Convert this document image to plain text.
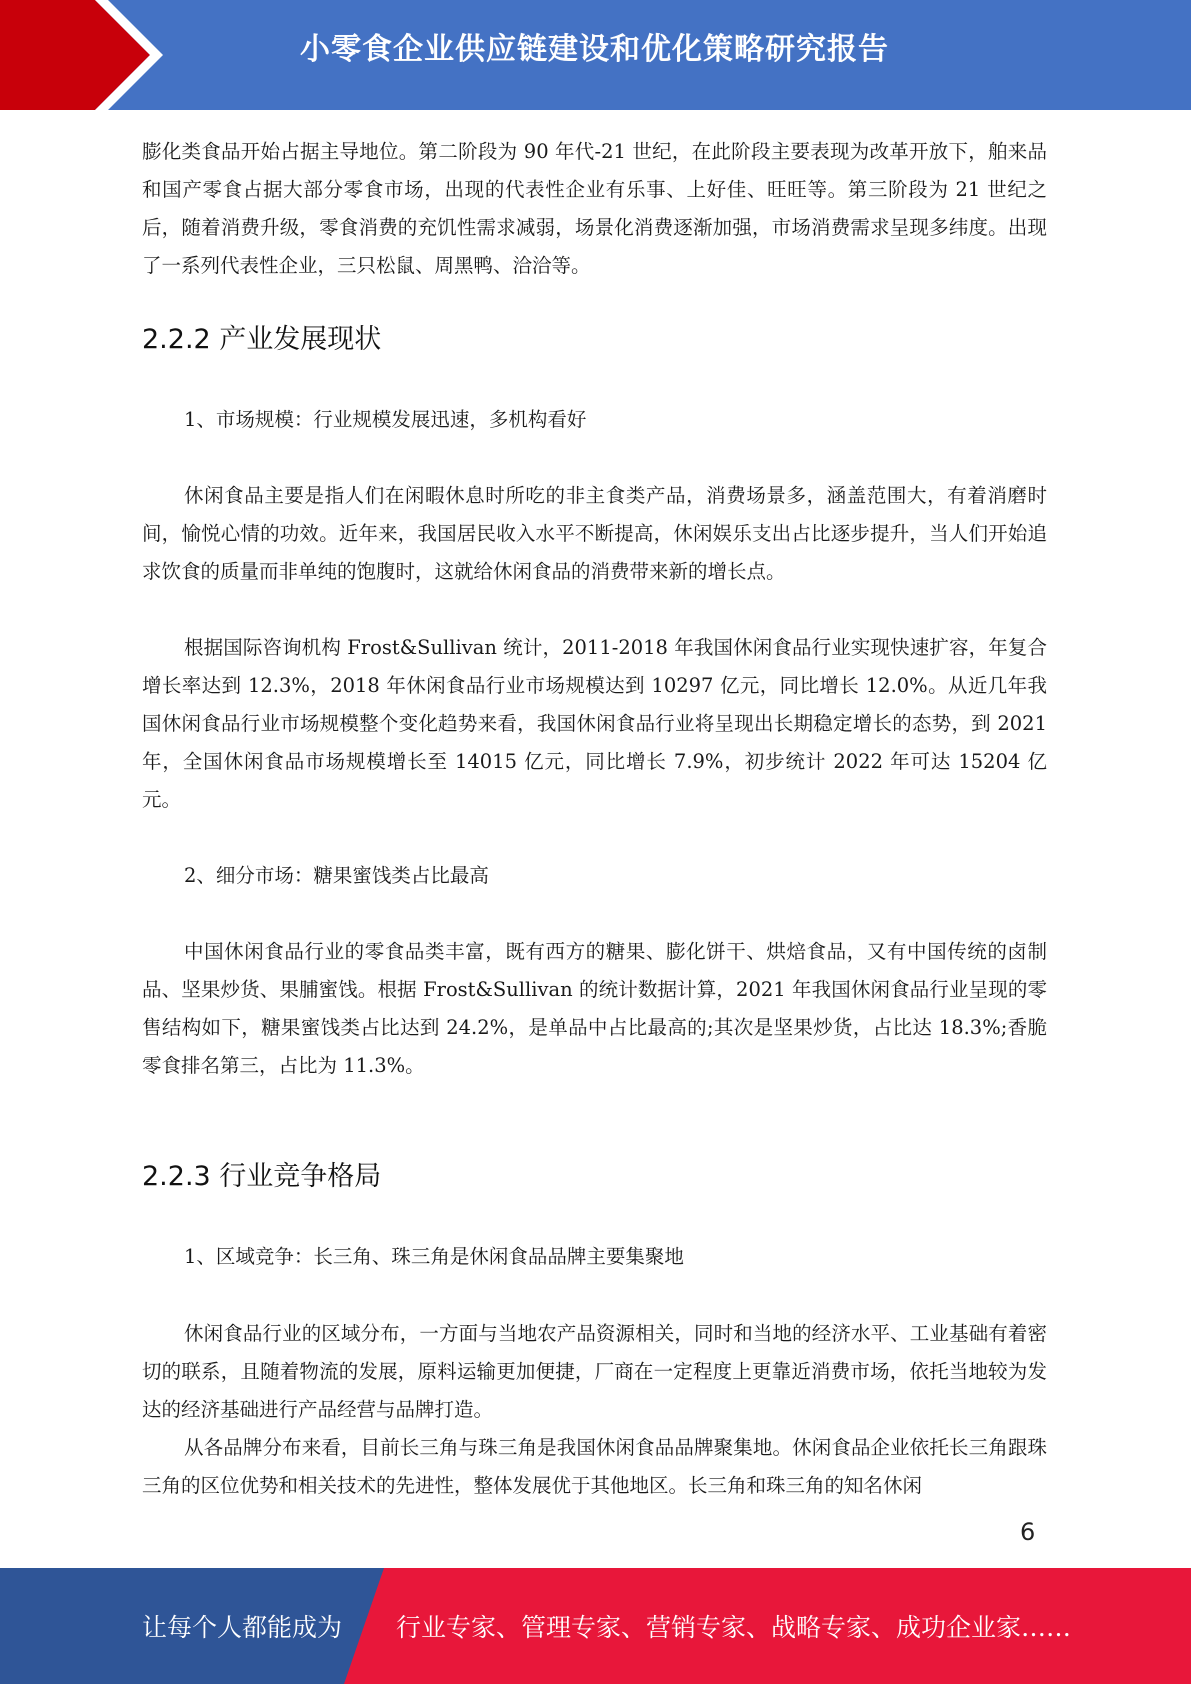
小零食企业供应链建设和优化策略研究报告

膨化类食品开始占据主导地位。第二阶段为 90 年代-21 世纪，在此阶段主要表现为改革开放下，舶来品和国产零食占据大部分零食市场，出现的代表性企业有乐事、上好佳、旺旺等。第三阶段为 21 世纪之后，随着消费升级，零食消费的充饥性需求减弱，场景化消费逐渐加强，市场消费需求呈现多纬度。出现了一系列代表性企业，三只松鼠、周黑鸭、洽洽等。

2.2.2 产业发展现状

1、市场规模：行业规模发展迅速，多机构看好

休闲食品主要是指人们在闲暇休息时所吃的非主食类产品，消费场景多，涵盖范围大，有着消磨时间，愉悦心情的功效。近年来，我国居民收入水平不断提高，休闲娱乐支出占比逐步提升，当人们开始追求饮食的质量而非单纯的饱腹时，这就给休闲食品的消费带来新的增长点。

根据国际咨询机构 Frost&Sullivan 统计，2011-2018 年我国休闲食品行业实现快速扩容，年复合增长率达到 12.3%，2018 年休闲食品行业市场规模达到 10297 亿元，同比增长 12.0%。从近几年我国休闲食品行业市场规模整个变化趋势来看，我国休闲食品行业将呈现出长期稳定增长的态势，到 2021 年，全国休闲食品市场规模增长至 14015 亿元，同比增长 7.9%，初步统计 2022 年可达 15204 亿元。

2、细分市场：糖果蜜饯类占比最高

中国休闲食品行业的零食品类丰富，既有西方的糖果、膨化饼干、烘焙食品，又有中国传统的卤制品、坚果炒货、果脯蜜饯。根据 Frost&Sullivan 的统计数据计算，2021 年我国休闲食品行业呈现的零售结构如下，糖果蜜饯类占比达到 24.2%，是单品中占比最高的;其次是坚果炒货，占比达 18.3%;香脆零食排名第三，占比为 11.3%。

2.2.3 行业竞争格局

1、区域竞争：长三角、珠三角是休闲食品品牌主要集聚地

休闲食品行业的区域分布，一方面与当地农产品资源相关，同时和当地的经济水平、工业基础有着密切的联系，且随着物流的发展，原料运输更加便捷，厂商在一定程度上更靠近消费市场，依托当地较为发达的经济基础进行产品经营与品牌打造。

从各品牌分布来看，目前长三角与珠三角是我国休闲食品品牌聚集地。休闲食品企业依托长三角跟珠三角的区位优势和相关技术的先进性，整体发展优于其他地区。长三角和珠三角的知名休闲

6
让每个人都能成为 行业专家、管理专家、营销专家、战略专家、成功企业家……
